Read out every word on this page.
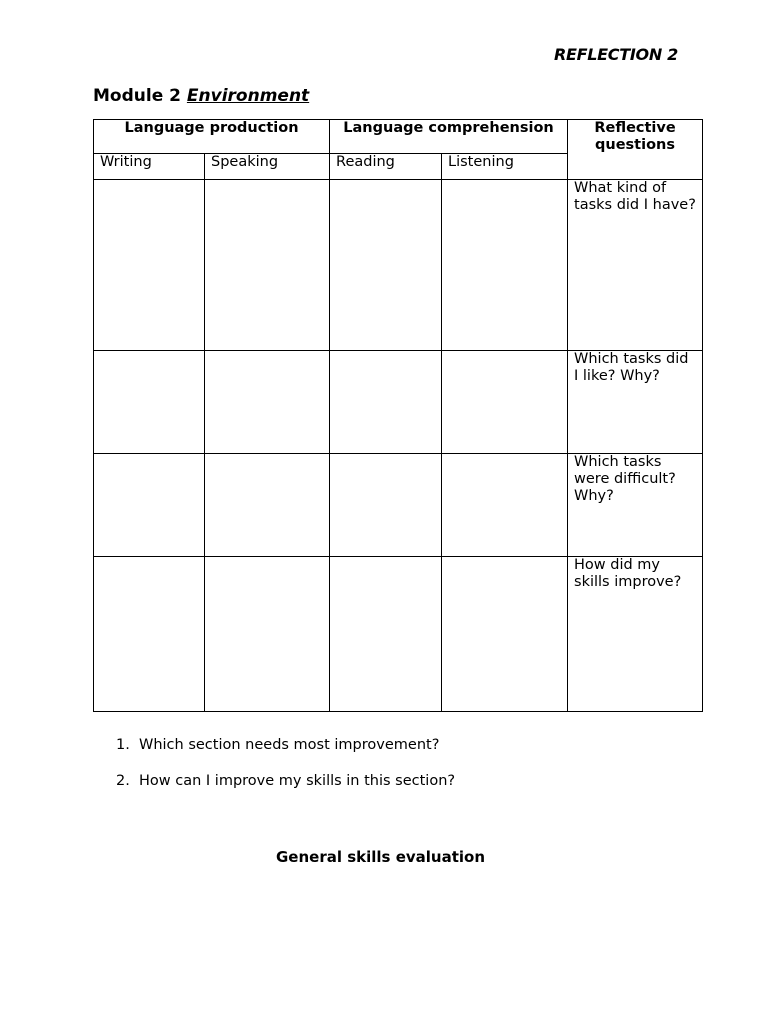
REFLECTION 2
Module 2 Environment
Language production		Language comprehension		Reflective questions
Writing	Speaking	Reading	Listening	
				What kind of tasks did I have?
				Which tasks did I like? Why?
				Which tasks were difficult? Why?
				How did my skills improve?
1. Which section needs most improvement?
2. How can I improve my skills in this section?
General skills evaluation
